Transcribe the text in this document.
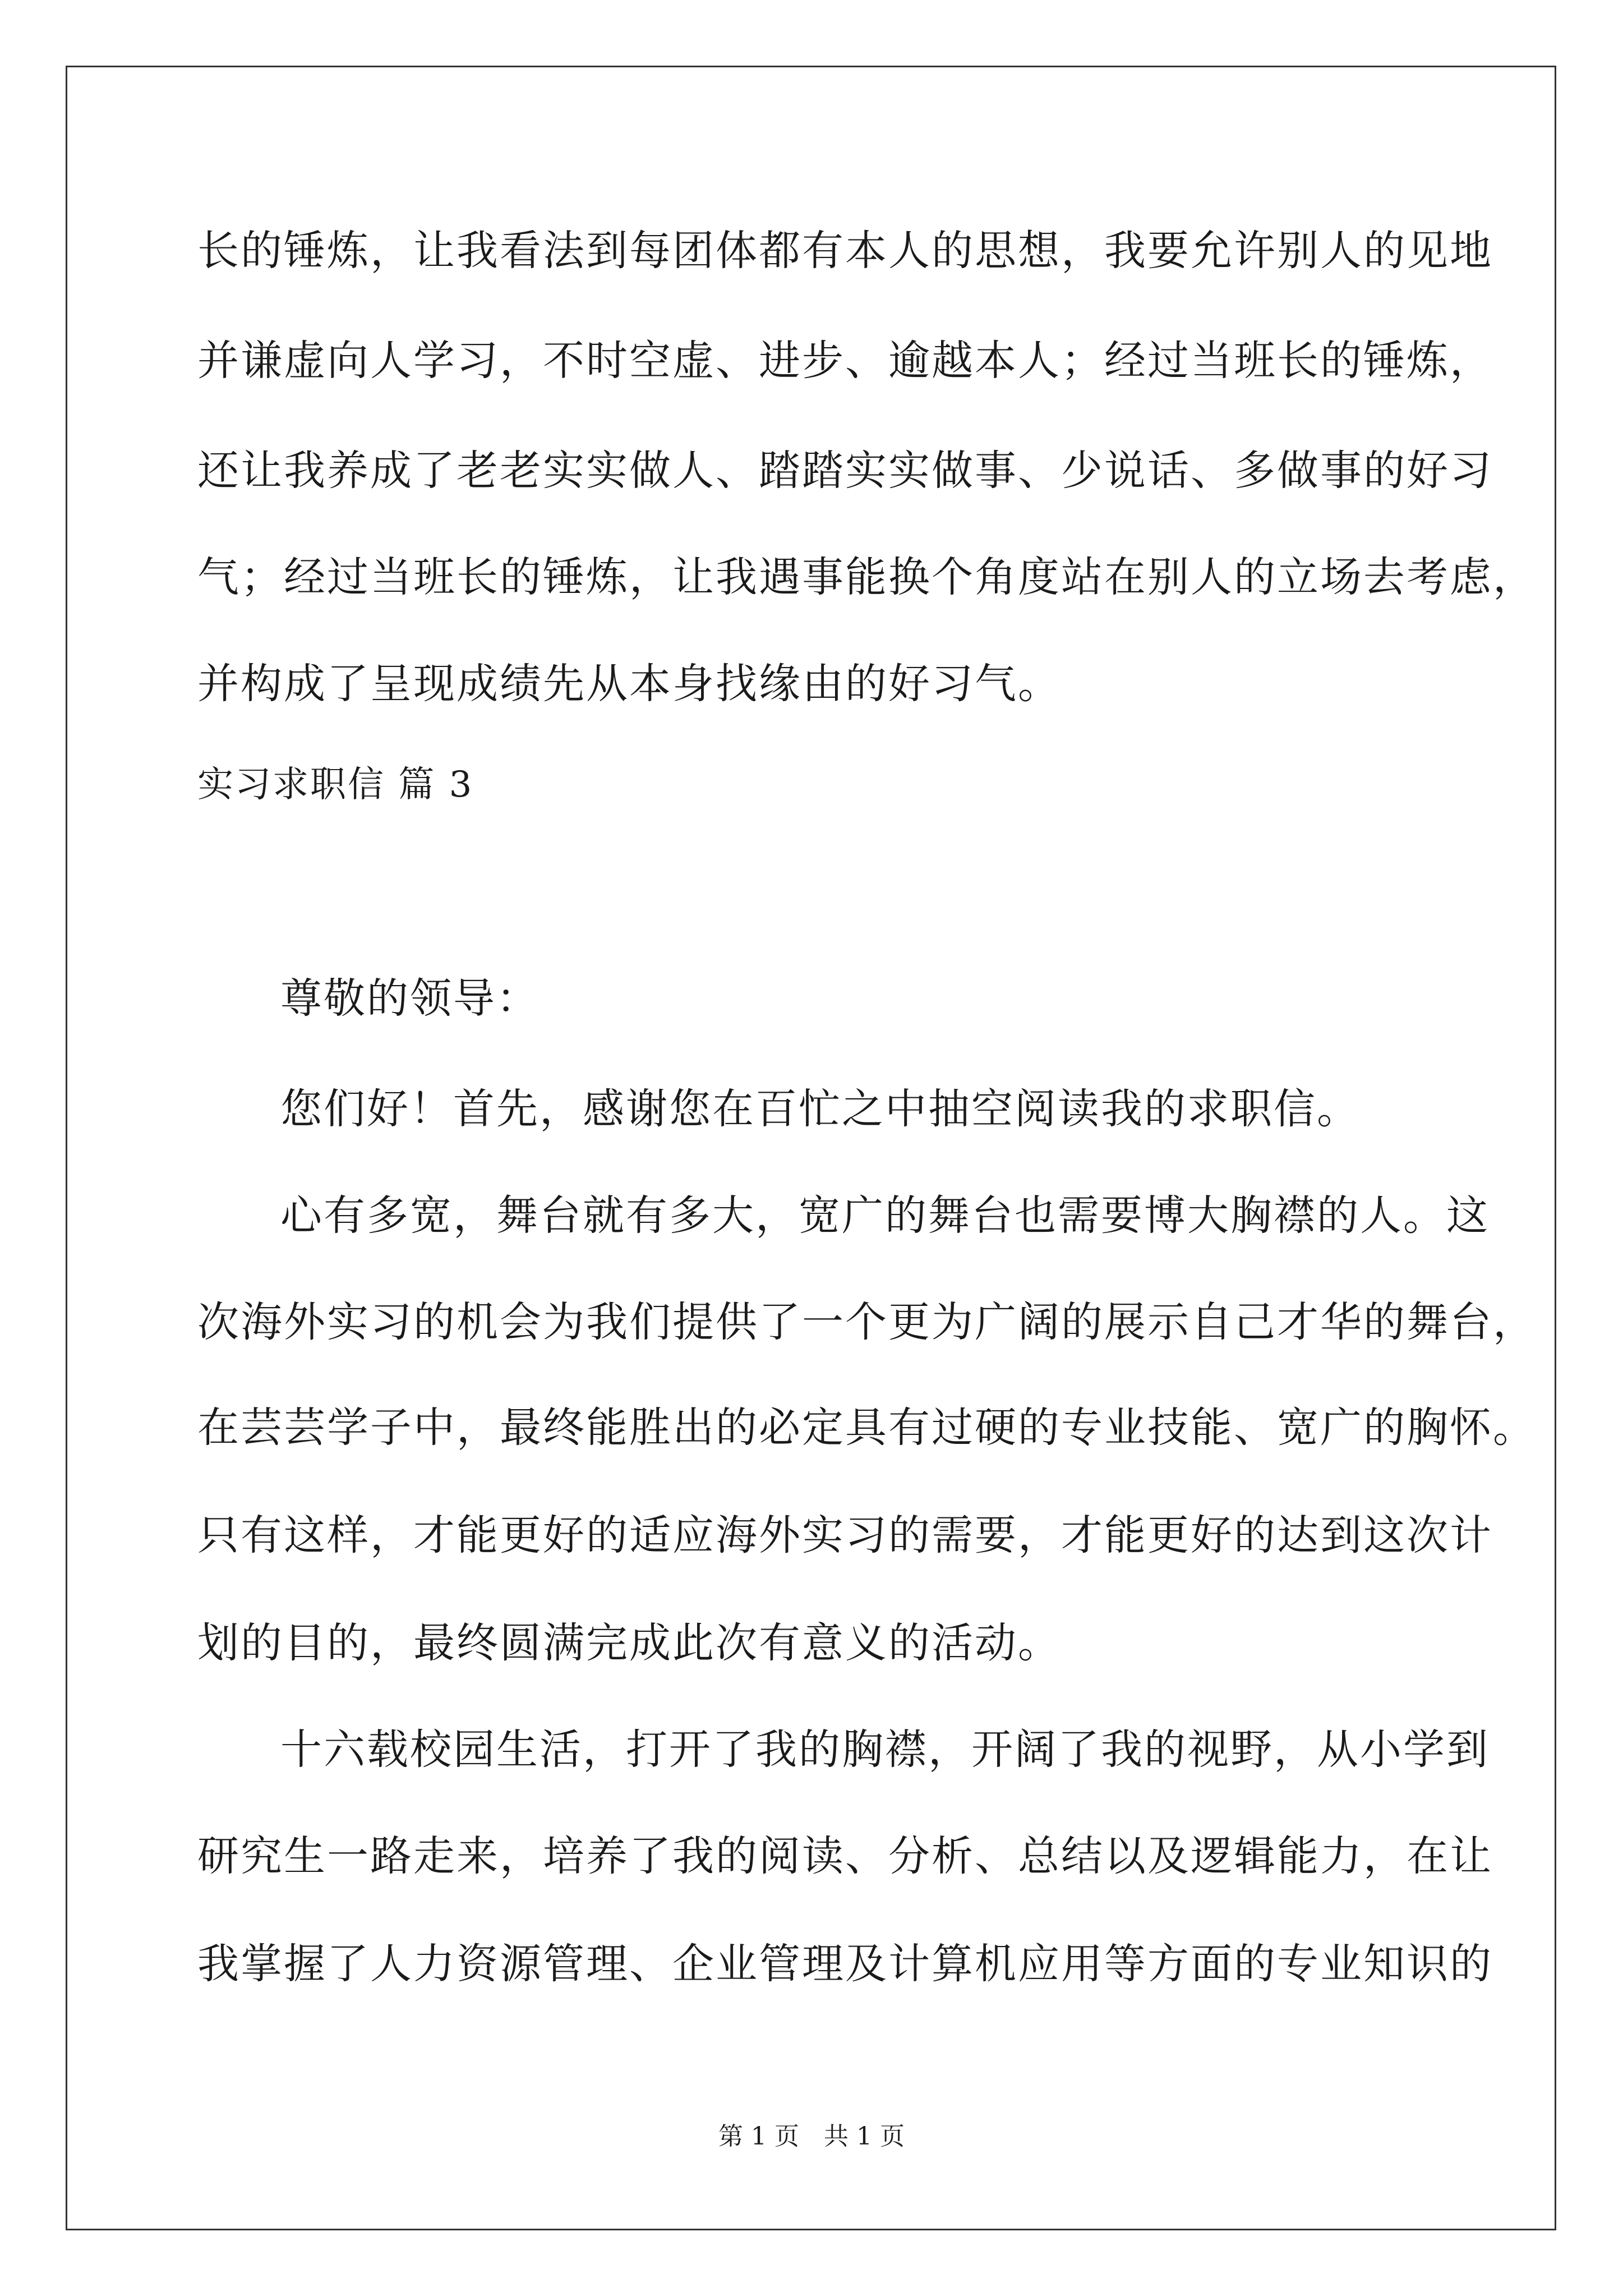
长的锤炼，让我看法到每团体都有本人的思想，我要允许别人的见地
并谦虚向人学习，不时空虚、进步、逾越本人；经过当班长的锤炼，
还让我养成了老老实实做人、踏踏实实做事、少说话、多做事的好习
气；经过当班长的锤炼，让我遇事能换个角度站在别人的立场去考虑，
并构成了呈现成绩先从本身找缘由的好习气。
实习求职信 篇 3
尊敬的领导：
您们好！首先，感谢您在百忙之中抽空阅读我的求职信。
心有多宽，舞台就有多大，宽广的舞台也需要博大胸襟的人。这
次海外实习的机会为我们提供了一个更为广阔的展示自己才华的舞台，
在芸芸学子中，最终能胜出的必定具有过硬的专业技能、宽广的胸怀。
只有这样，才能更好的适应海外实习的需要，才能更好的达到这次计
划的目的，最终圆满完成此次有意义的活动。
十六载校园生活，打开了我的胸襟，开阔了我的视野，从小学到
研究生一路走来，培养了我的阅读、分析、总结以及逻辑能力，在让
我掌握了人力资源管理、企业管理及计算机应用等方面的专业知识的
第 1 页　共 1 页
